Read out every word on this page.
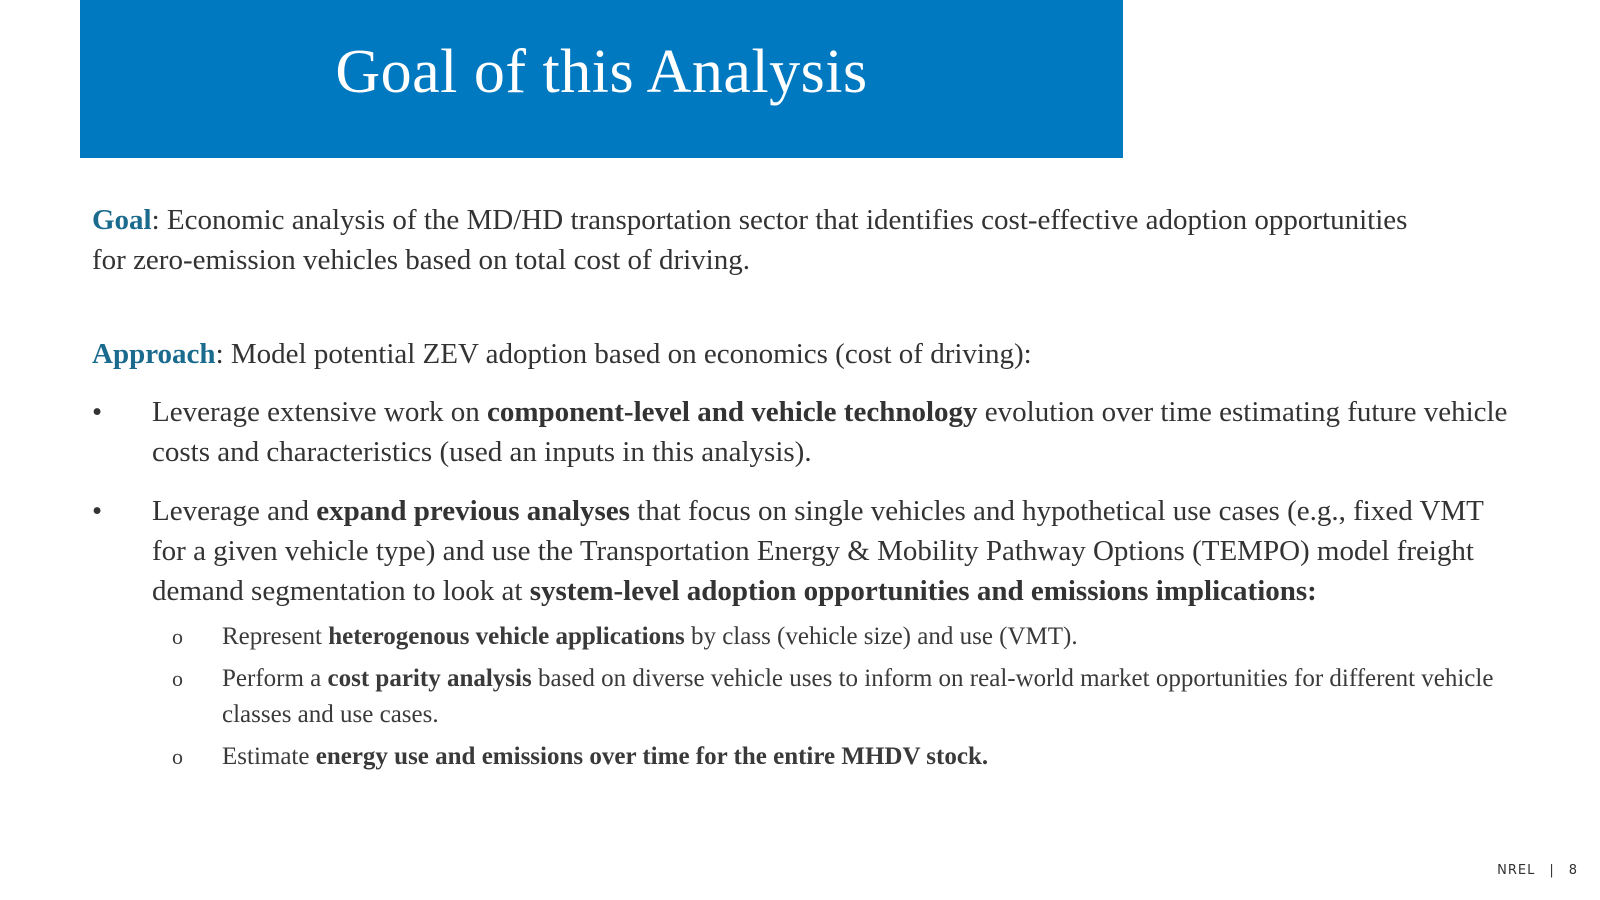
Goal of this Analysis

Goal: Economic analysis of the MD/HD transportation sector that identifies cost-effective adoption opportunities for zero-emission vehicles based on total cost of driving.

Approach: Model potential ZEV adoption based on economics (cost of driving):

•	Leverage extensive work on component-level and vehicle technology evolution over time estimating future vehicle costs and characteristics (used an inputs in this analysis).
•	Leverage and expand previous analyses that focus on single vehicles and hypothetical use cases (e.g., fixed VMT for a given vehicle type) and use the Transportation Energy & Mobility Pathway Options (TEMPO) model freight demand segmentation to look at system-level adoption opportunities and emissions implications:
o Represent heterogenous vehicle applications by class (vehicle size) and use (VMT).
o Perform a cost parity analysis based on diverse vehicle uses to inform on real-world market opportunities for different vehicle classes and use cases.
o Estimate energy use and emissions over time for the entire MHDV stock.
NREL | 8
